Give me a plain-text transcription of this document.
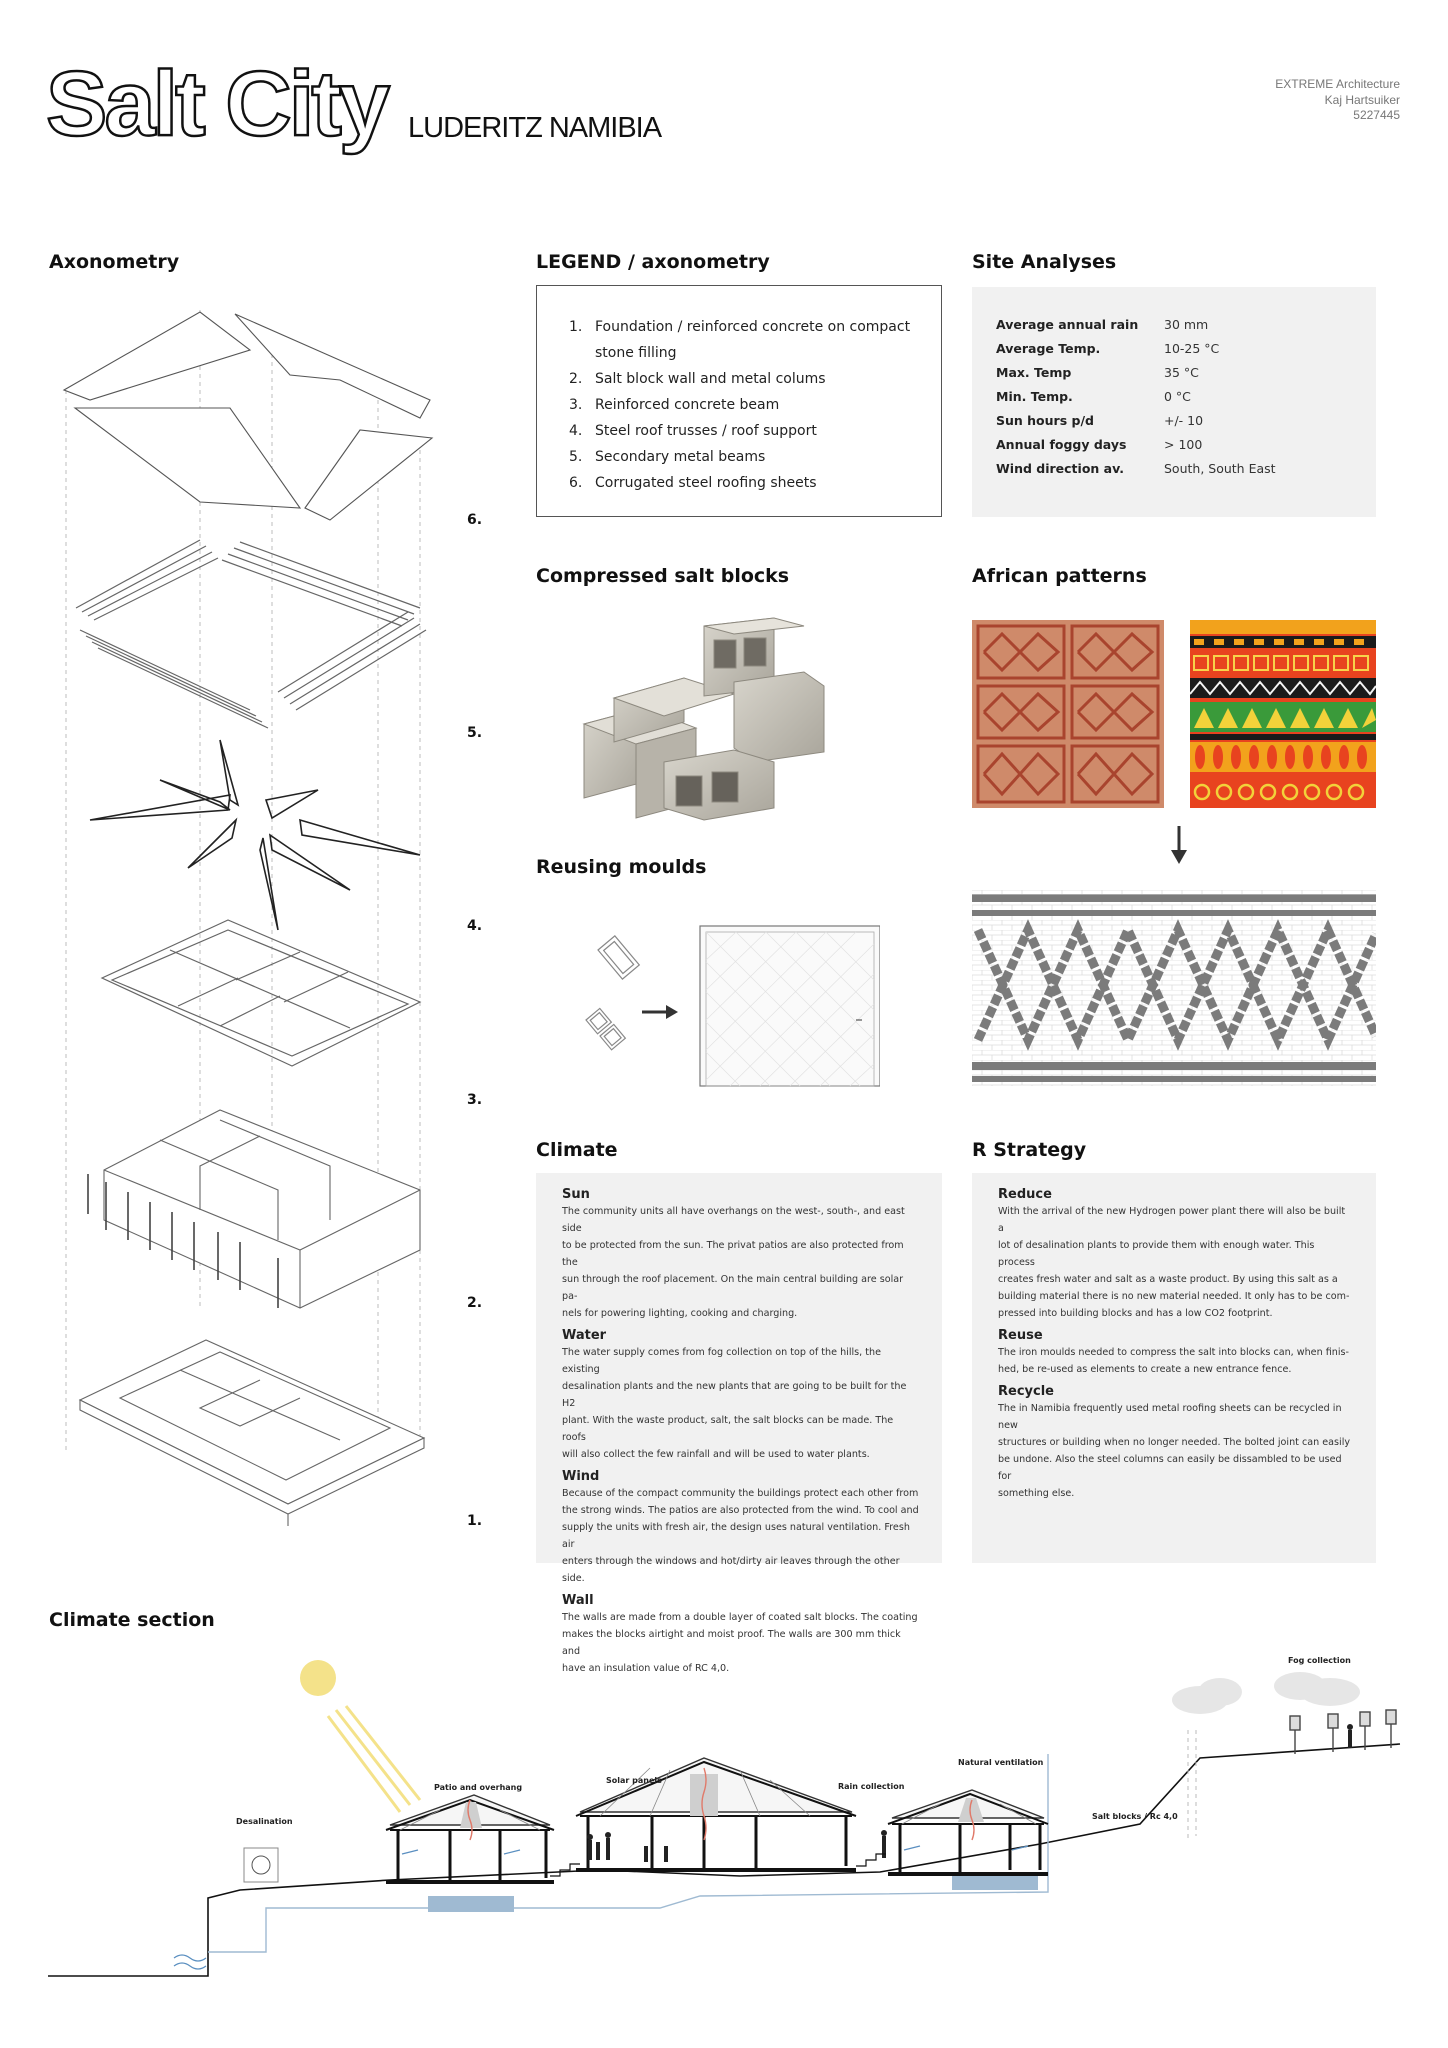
Salt City LUDERITZ NAMIBIA
EXTREME Architecture
Kaj Hartsuiker
5227445
Axonometry
6.
5.
4.
3.
2.
1.
LEGEND / axonometry
1. Foundation / reinforced concrete on compact
stone filling
2. Salt block wall and metal colums
3. Reinforced concrete beam
4. Steel roof trusses / roof support
5. Secondary metal beams
6. Corrugated steel roofing sheets
Site Analyses
Average annual rain	30 mm
Average Temp.	10-25 °C
Max. Temp	35 °C
Min. Temp.	0 °C
Sun hours p/d	+/- 10
Annual foggy days	> 100
Wind direction av.	South, South East
Compressed salt blocks	African patterns
Reusing moulds
Climate
Sun

The community units all have overhangs on the west-, south-, and east side
to be protected from the sun. The privat patios are also protected from the
sun through the roof placement. On the main central building are solar pa-
nels for powering lighting, cooking and charging.

Water

The water supply comes from fog collection on top of the hills, the existing
desalination plants and the new plants that are going to be built for the H2
plant. With the waste product, salt, the salt blocks can be made. The roofs
will also collect the few rainfall and will be used to water plants.

Wind

Because of the compact community the buildings protect each other from
the strong winds. The patios are also protected from the wind. To cool and
supply the units with fresh air, the design uses natural ventilation. Fresh air
enters through the windows and hot/dirty air leaves through the other side.

Wall

The walls are made from a double layer of coated salt blocks. The coating
makes the blocks airtight and moist proof. The walls are 300 mm thick and
have an insulation value of RC 4,0.

R Strategy
Reduce

With the arrival of the new Hydrogen power plant there will also be built a
lot of desalination plants to provide them with enough water. This process
creates fresh water and salt as a waste product. By using this salt as a
building material there is no new material needed. It only has to be com-
pressed into building blocks and has a low CO2 footprint.

Reuse

The iron moulds needed to compress the salt into blocks can, when finis-
hed, be re-used as elements to create a new entrance fence.

Recycle

The in Namibia frequently used metal roofing sheets can be recycled in new
structures or building when no longer needed. The bolted joint can easily
be undone. Also the steel columns can easily be dissambled to be used for
something else.

Climate section
Fog collection
Patio and overhang
Solar panels
Rain collection
Natural ventilation
Desalination
Salt blocks / Rc 4,0
